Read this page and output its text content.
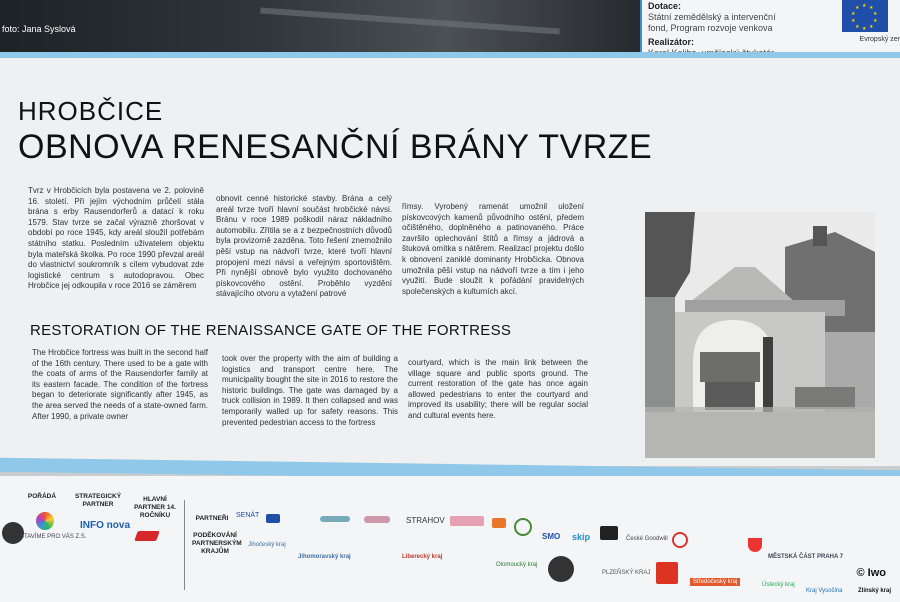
foto: Jana Syslová
Dotace:
Státní zemědělský a intervenční
fond, Program rozvoje venkova
Realizátor:
★ ★
★
★
★
★
★
★
★
★
Evropský zer
HROBČICE
OBNOVA RENESANČNÍ BRÁNY TVRZE
Tvrz v Hrobčicích byla postavena ve 2. polovině 16. století. Při jejím východním průčelí stála brána s erby Rausendorferů a datací k roku 1579. Stav tvrze se začal výrazně zhoršovat v období po roce 1945, kdy areál sloužil potřebám státního statku. Posledním uživatelem objektu byla mateřská školka. Po roce 1990 převzal areál do vlastnictví soukromník s cílem vybudovat zde logistické centrum s autodopravou. Obec Hrobčice jej odkoupila v roce 2016 se záměrem
obnovit cenné historické stavby. Brána a celý areál tvrze tvoří hlavní součást hrobčické návsi. Bránu v roce 1989 poškodil náraz nákladního automobilu. Zřítila se a z bezpečnostních důvodů byla provizorně zazděna. Toto řešení znemožnilo pěší vstup na nádvoří tvrze, které tvoří hlavní propojení mezi návsí a veřejným sportovištěm. Při nynější obnově bylo využito dochovaného pískovcového ostění. Proběhlo vyzdění stávajícího otvoru a vytažení patrové
římsy. Vyrobený ramenát umožnil uložení pískovcových kamenů původního ostění, předem očištěného, doplněného a patinovaného. Práce završilo oplechování štítů a římsy a jádrová a štuková omítka s nátěrem. Realizací projektu došlo k obnovení zaniklé dominanty Hrobčicka. Obnova umožnila pěší vstup na nádvoří tvrze a tím i jeho využití. Bude sloužit k pořádání pravidelných společenských a kulturních akcí.
RESTORATION OF THE RENAISSANCE GATE OF THE FORTRESS
The Hrobčice fortress was built in the second half of the 16th century. There used to be a gate with the coats of arms of the Rausendorfer family at its eastern facade. The condition of the fortress began to deteriorate significantly after 1945, as the area served the needs of a state-owned farm. After 1990, a private owner
took over the property with the aim of building a logistics and transport centre here. The municipality bought the site in 2016 to restore the historic buildings. The gate was damaged by a truck collision in 1989. It then collapsed and was temporarily walled up for safety reasons. This prevented pedestrian access to the fortress
courtyard, which is the main link between the village square and public sports ground. The current restoration of the gate has once again allowed pedestrians to enter the courtyard and improved its usability; there will be regular social and cultural events here.
POŘÁDÁ
STAVÍME PRO VÁS Z.S.
STRATEGICKÝ PARTNER
INFO nova
HLAVNÍ PARTNER 14. ROČNÍKU	PARTNEŘI
PODĚKOVÁNÍ PARTNERSKÝM KRAJŮM
SENÁT
STRAHOV
SMO skip	České Goodwill
MĚSTSKÁ ČÁST PRAHA 7
Jihočeský kraj
Jihomoravský kraj	Liberecký kraj
Olomoucký kraj
PLZEŇSKÝ KRAJ
Středočeský kraj	Ústecký kraj
Kraj Vysočina	Zlínský kraj
© Iwo
